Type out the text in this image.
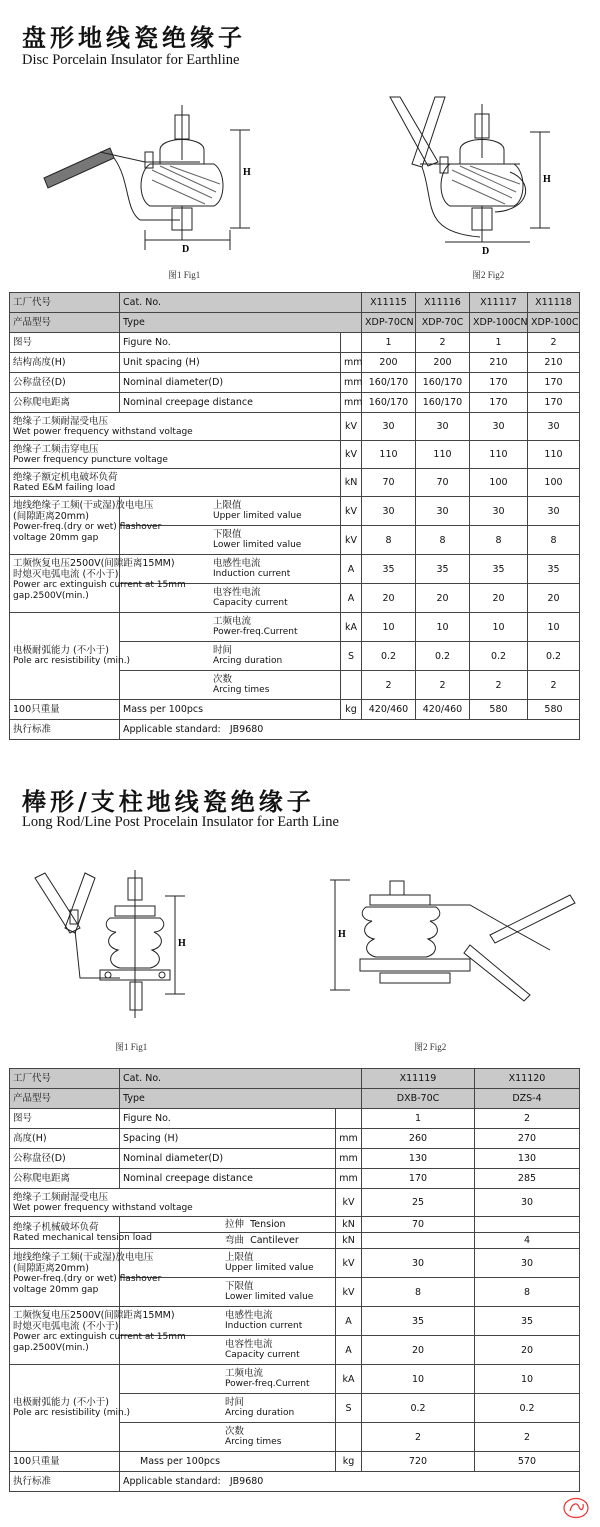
盘形地线瓷绝缘子
Disc Porcelain Insulator for Earthline
H
D
H
D
图1 Fig1	图2 Fig2
工厂代号	Cat. No.		X11115	X11116	X11117	X11118
产品型号	Type		XDP-70CN	XDP-70C	XDP-100CN	XDP-100C
图号	Figure No.		1	2	1	2
结构高度(H)	Unit spacing (H)	mm	200	200	210	210
公称盘径(D)	Nominal diameter(D)	mm	160/170	160/170	170	170
公称爬电距离	Nominal creepage distance	mm	160/170	160/170	170	170

绝缘子工频耐湿受电压
Wet power frequency withstand voltage		kV	30	30	30	30

绝缘子工频击穿电压
Power frequency puncture voltage		kV	110	110	110	110

绝缘子额定机电破坏负荷
Rated E&M failing load		kN	70	70	100	100

地线绝缘子工频(干或湿)放电电压
(间隙距离20mm)
Power-freq.(dry or wet) flashover
voltage 20mm gap	上限值
Upper limited value	kV	30	30	30	30

	下限值
Lower limited value	kV	8	8	8	8

工频恢复电压2500V(间隙距离15MM)
时熄灭电弧电流 (不小于)
Power arc extinguish current at 15mm
gap.2500V(min.)	电感性电流
Induction current	A	35	35	35	35

	电容性电流
Capacity current	A	20	20	20	20

电极耐弧能力 (不小于)
Pole arc resistibility (min.)	工频电流
Power-freq.Current	kA	10	10	10	10

	时间
Arcing duration	S	0.2	0.2	0.2	0.2

	次数
Arcing times		2	2	2	2
100只重量	Mass per 100pcs	kg	420/460	420/460	580	580
执行标准	Applicable standard: JB9680					
棒形/支柱地线瓷绝缘子
Long Rod/Line Post Procelain Insulator for Earth Line
H
H
图1 Fig1	图2 Fig2
工厂代号	Cat. No.		X11119	X11120
产品型号	Type		DXB-70C	DZS-4
图号	Figure No.		1	2
高度(H)	Spacing (H)	mm	260	270
公称盘径(D)	Nominal diameter(D)	mm	130	130
公称爬电距离	Nominal creepage distance	mm	170	285

绝缘子工频耐湿受电压
Wet power frequency withstand voltage		kV	25	30

绝缘子机械破坏负荷
Rated mechanical tension load	拉伸 Tension	kN	70	
	弯曲 Cantilever	kN		4

地线绝缘子工频(干或湿)放电电压
(间隙距离20mm)
Power-freq.(dry or wet) flashover
voltage 20mm gap	上限值
Upper limited value	kV	30	30

	下限值
Lower limited value	kV	8	8

工频恢复电压2500V(间隙距离15MM)
时熄灭电弧电流 (不小于)
Power arc extinguish current at 15mm
gap.2500V(min.)	电感性电流
Induction current	A	35	35

	电容性电流
Capacity current	A	20	20

电极耐弧能力 (不小于)
Pole arc resistibility (min.)	工频电流
Power-freq.Current	kA	10	10

	时间
Arcing duration	S	0.2	0.2

	次数
Arcing times		2	2
100只重量	Mass per 100pcs	kg	720	570
执行标准	Applicable standard: JB9680			
